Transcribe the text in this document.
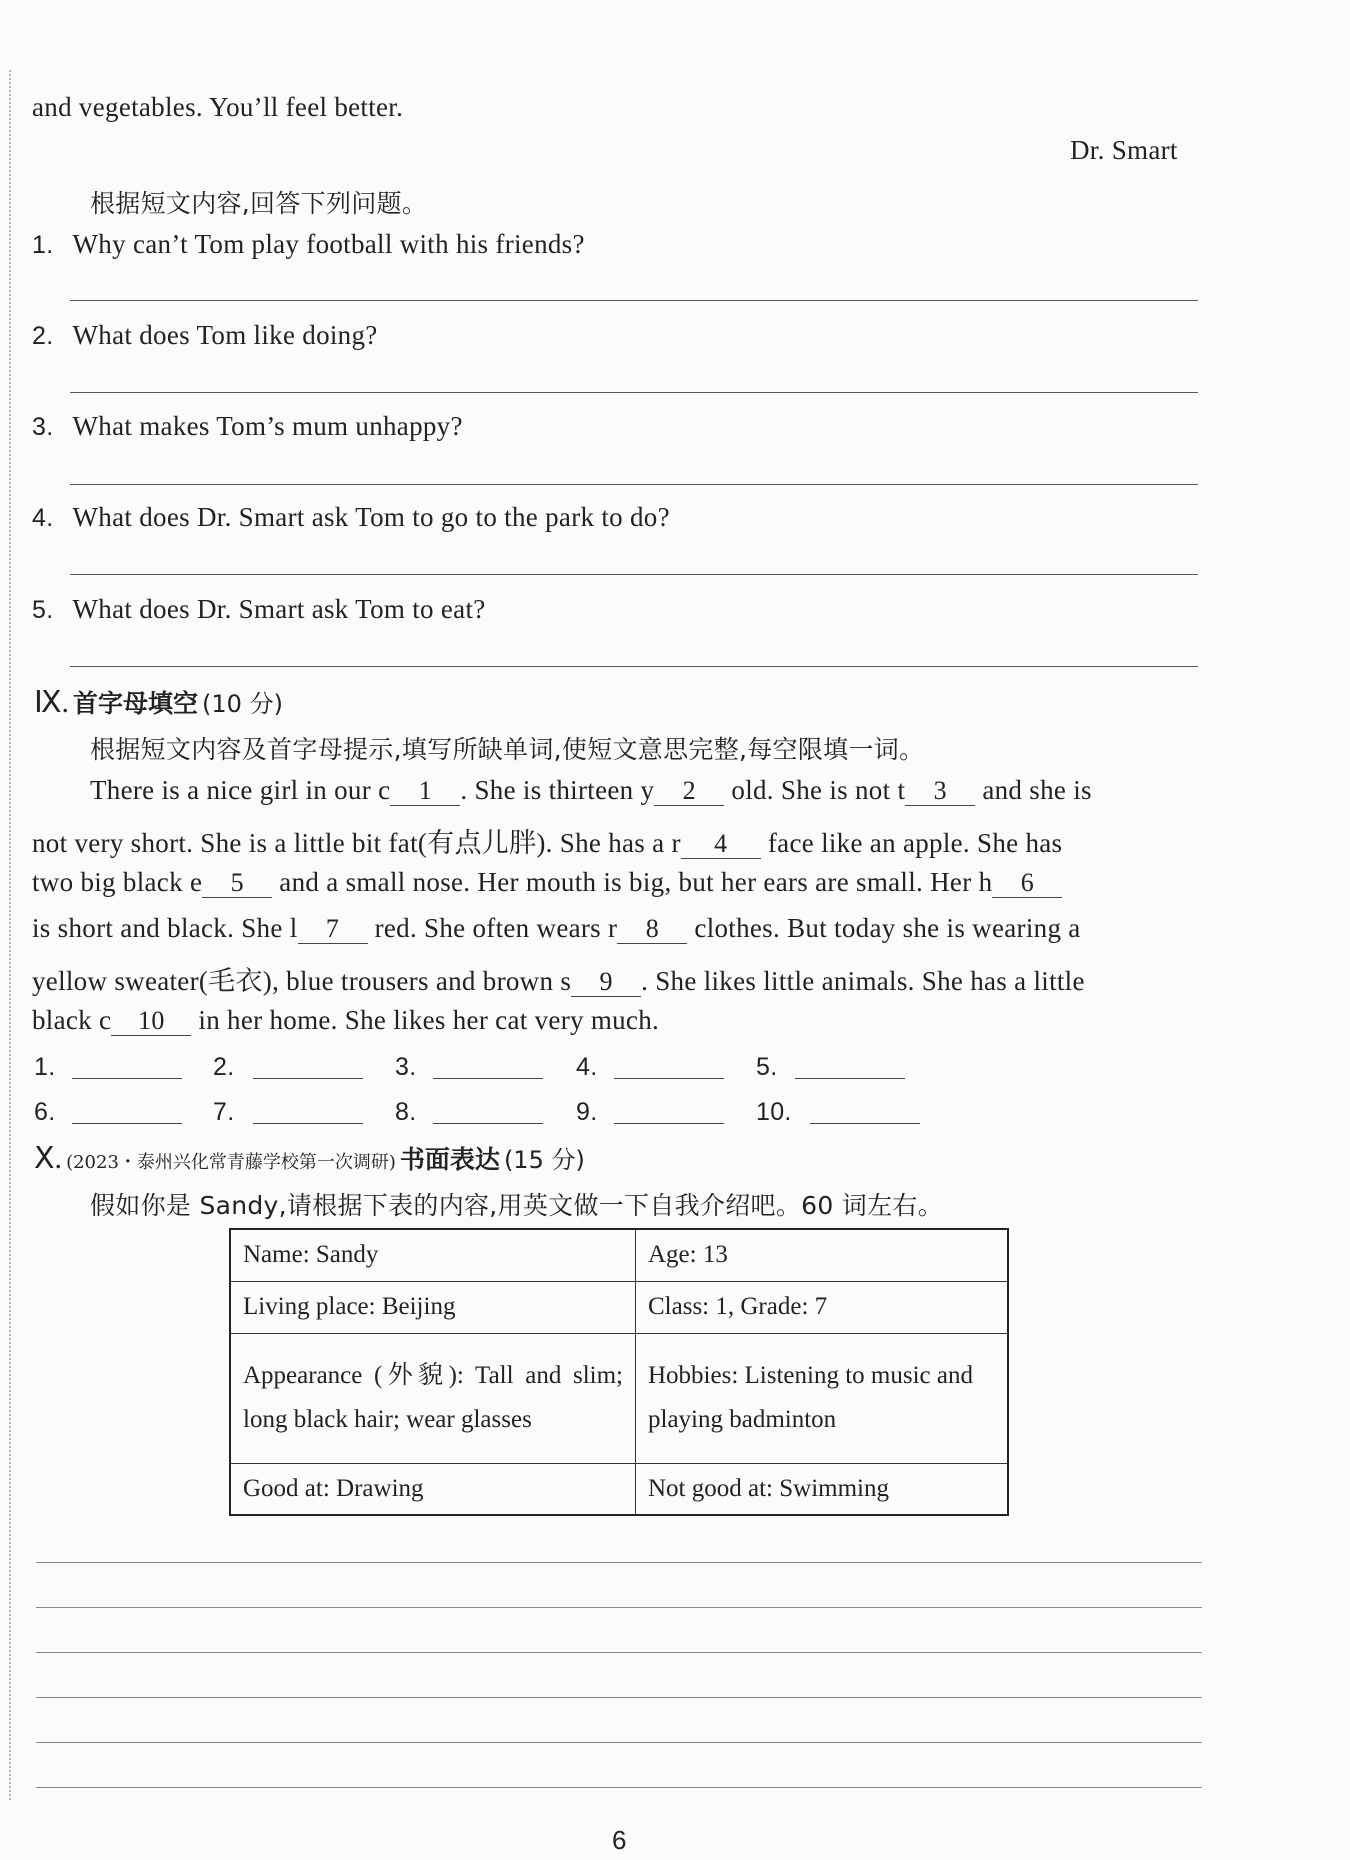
and vegetables. You’ll feel better.
Dr. Smart
根据短文内容,回答下列问题。
1. Why can’t Tom play football with his friends?
2. What does Tom like doing?
3. What makes Tom’s mum unhappy?
4. What does Dr. Smart ask Tom to go to the park to do?
5. What does Dr. Smart ask Tom to eat?
Ⅸ. 首字母填空 (10 分)
根据短文内容及首字母提示,填写所缺单词,使短文意思完整,每空限填一词。
There is a nice girl in our c 1 . She is thirteen y 2 old. She is not t 3 and she is
not very short. She is a little bit fat(有点儿胖). She has a r 4 face like an apple. She has
two big black e 5 and a small nose. Her mouth is big, but her ears are small. Her h 6
is short and black. She l 7 red. She often wears r 8 clothes. But today she is wearing a
yellow sweater(毛衣), blue trousers and brown s 9 . She likes little animals. She has a little
black c 10 in her home. She likes her cat very much.
1.	2.	3.	4.	5.
6.	7.	8.	9.	10.
Ⅹ. (2023・泰州兴化常青藤学校第一次调研) 书面表达 (15 分)
假如你是 Sandy,请根据下表的内容,用英文做一下自我介绍吧。60 词左右。
Name: Sandy	Age: 13
Living place: Beijing	Class: 1, Grade: 7
Appearance (外貌): Tall and slim; long black hair; wear glasses	Hobbies: Listening to music and playing badminton
Good at: Drawing	Not good at: Swimming
6
